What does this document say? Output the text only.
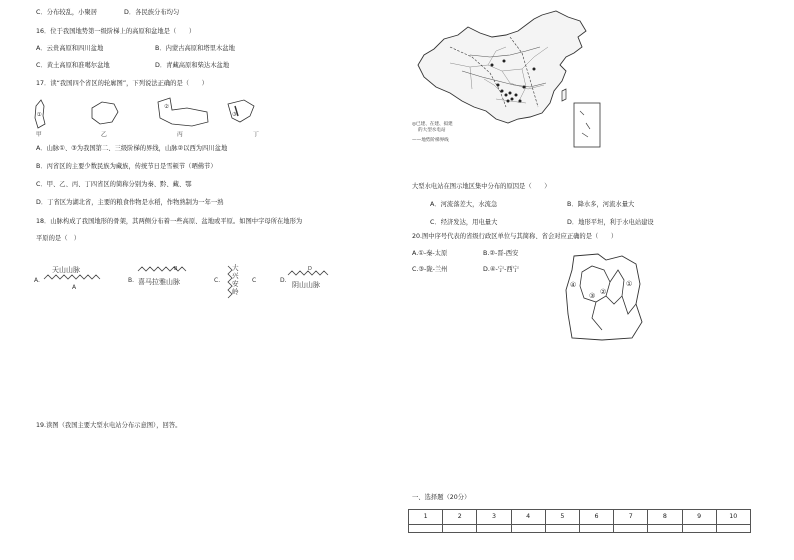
C．分布较乱，小聚居	D．各民族分布均匀
16．位于我国地势第一级阶梯上的高原和盆地是（　　）
A．云贵高原和四川盆地	B．内蒙古高原和塔里木盆地
C．黄土高原和准噶尔盆地	D．青藏高原和柴达木盆地
17．读“我国四个省区的轮廓图”，下列说法正确的是（　　）
①
甲	乙
②
丙
③
丁
A．山脉①、③为我国第二、三级阶梯的界线，山脉②以西为四川盆地
B．丙省区的主要少数民族为藏族，传统节日是雪顿节（晒佛节）
C．甲、乙、丙、丁四省区的简称分别为秦、黔、藏、鄂
D．丁省区为湖北省，主要的粮食作物是水稻，作物熟制为一年一熟
18．山脉构成了我国地形的骨架，其两侧分布着一些高原、盆地或平原。如图中字母所在地形为
平原的是（　）
A.
天山山脉
A
B.
B
喜马拉雅山脉	C.
大 兴 安 岭
C	D.
D
阴山山脉
19.读图（我国主要大型水电站分布示意图），回答。
◎已建、在建、拟建
的大型水电站
——地势阶梯界线
大型水电站在图示地区集中分布的原因是（　　）
A．河流落差大，水流急	B．降水多，河流水量大
C．经济发达，用电量大	D．地形平坦，利于水电站建设
20.图中序号代表的省级行政区单位与其简称、省会对应正确的是（　　）
A.①-秦-太原	B.②-晋-西安
C.③-陇-兰州	D.④-宁-西宁
④
③ ②
①
一、选择题（20分）
1	2	3	4	5	6	7	8	9	10
